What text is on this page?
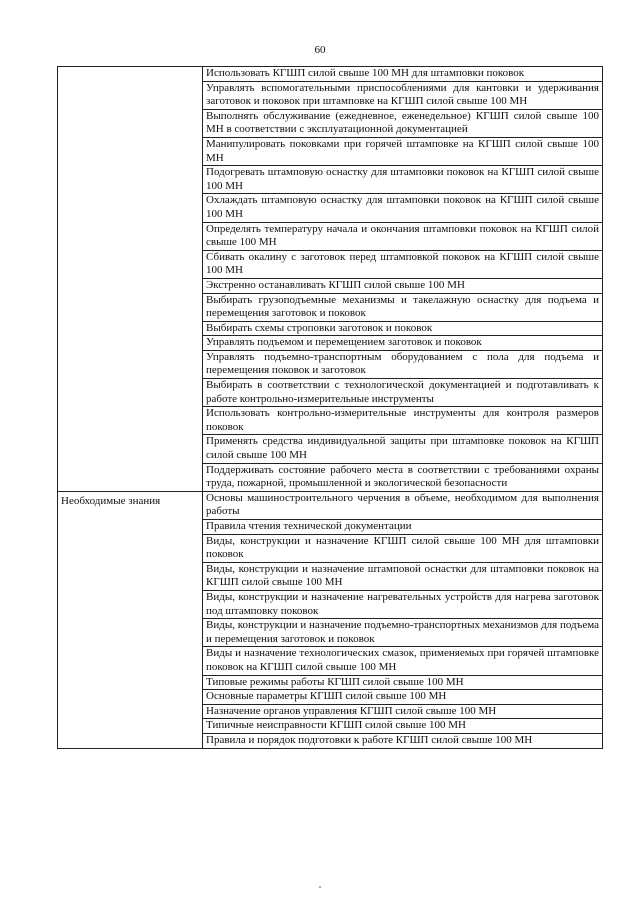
60
	Использовать КГШП силой свыше 100 МН для штамповки поковок
	Управлять вспомогательными приспособлениями для кантовки и удерживания заготовок и поковок при штамповке на КГШП силой свыше 100 МН
	Выполнять обслуживание (ежедневное, еженедельное) КГШП силой свыше 100 МН в соответствии с эксплуатационной документацией
	Манипулировать поковками при горячей штамповке на КГШП силой свыше 100 МН
	Подогревать штамповую оснастку для штамповки поковок на КГШП силой свыше 100 МН
	Охлаждать штамповую оснастку для штамповки поковок на КГШП силой свыше 100 МН
	Определять температуру начала и окончания штамповки поковок на КГШП силой свыше 100 МН
	Сбивать окалину с заготовок перед штамповкой поковок на КГШП силой свыше 100 МН
	Экстренно останавливать КГШП силой свыше 100 МН
	Выбирать грузоподъемные механизмы и такелажную оснастку для подъема и перемещения заготовок и поковок
	Выбирать схемы строповки заготовок и поковок
	Управлять подъемом и перемещением заготовок и поковок
	Управлять подъемно-транспортным оборудованием с пола для подъема и перемещения поковок и заготовок
	Выбирать в соответствии с технологической документацией и подготавливать к работе контрольно-измерительные инструменты
	Использовать контрольно-измерительные инструменты для контроля размеров поковок
	Применять средства индивидуальной защиты при штамповке поковок на КГШП силой свыше 100 МН
	Поддерживать состояние рабочего места в соответствии с требованиями охраны труда, пожарной, промышленной и экологической безопасности

Необходимые знания	Основы машиностроительного черчения в объеме, необходимом для выполнения работы
	Правила чтения технической документации
	Виды, конструкции и назначение КГШП силой свыше 100 МН для штамповки поковок
	Виды, конструкции и назначение штамповой оснастки для штамповки поковок на КГШП силой свыше 100 МН
	Виды, конструкции и назначение нагревательных устройств для нагрева заготовок под штамповку поковок
	Виды, конструкции и назначение подъемно-транспортных механизмов для подъема и перемещения заготовок и поковок
	Виды и назначение технологических смазок, применяемых при горячей штамповке поковок на КГШП силой свыше 100 МН
	Типовые режимы работы КГШП силой свыше 100 МН
	Основные параметры КГШП силой свыше 100 МН
	Назначение органов управления КГШП силой свыше 100 МН
	Типичные неисправности КГШП силой свыше 100 МН
	Правила и порядок подготовки к работе КГШП силой свыше 100 МН
